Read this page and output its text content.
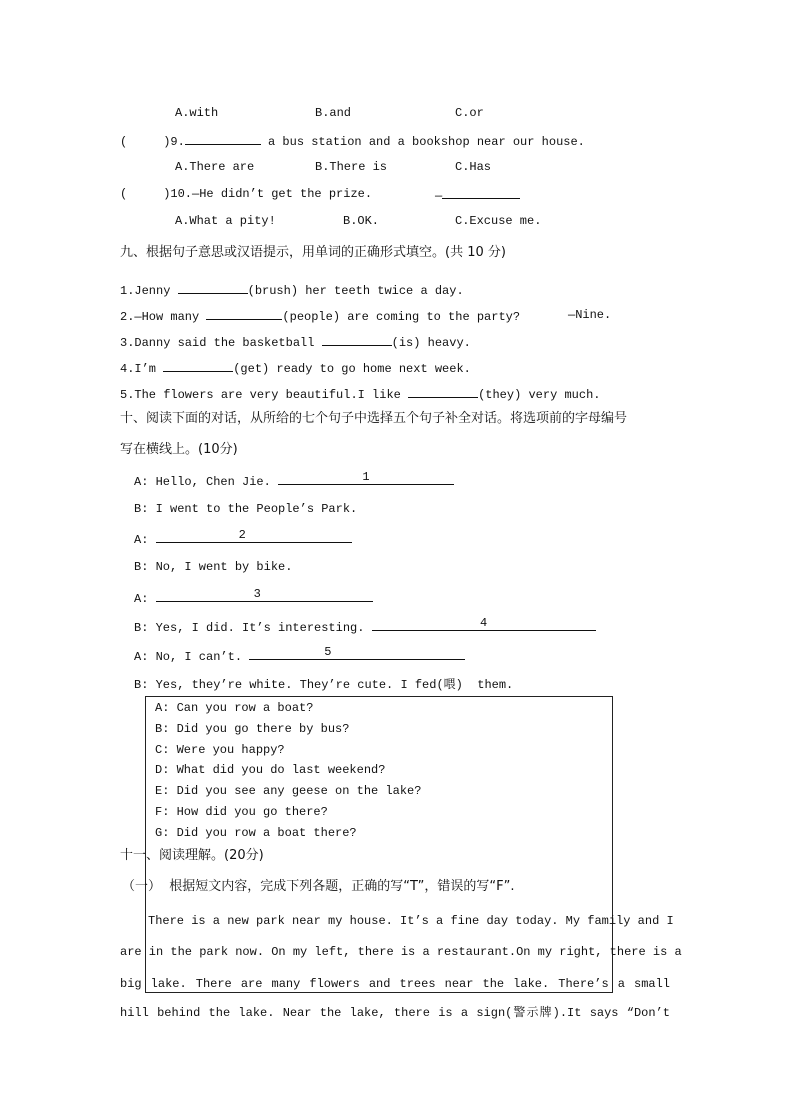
A.with	B.and	C.or
(     )9.	a bus station and a bookshop near our house.
A.There are	B.There is	C.Has
(     )10.—He didn’t get the prize.	—
A.What a pity!	B.OK.	C.Excuse me.
九、根据句子意思或汉语提示，用单词的正确形式填空。(共 10 分)
1.Jenny	(brush) her teeth twice a day.
2.—How many	(people) are coming to the party?	—Nine.
3.Danny said the basketball	(is) heavy.
4.I’m	(get) ready to go home next week.
5.The flowers are very beautiful.I like	(they) very much.
十、阅读下面的对话，从所给的七个句子中选择五个句子补全对话。将选项前的字母编号
写在横线上。(10分)
A: Hello, Chen Jie.	1
B: I went to the People’s Park.
A:	2
B: No, I went by bike.
A:	3
B: Yes, I did. It’s interesting.	4
A: No, I can’t.	5
B: Yes, they’re white. They’re cute. I fed(喂)  them.
A: Can you row a boat?
B: Did you go there by bus?
C: Were you happy?
D: What did you do last weekend?
E: Did you see any geese on the lake?
F: How did you go there?
G: Did you row a boat there?
十一、阅读理解。(20分)
（一）  根据短文内容，完成下列各题，正确的写“T”，错误的写“F”.
There is a new park near my house. It’s a fine day today. My family and I
are in the park now. On my left, there is a restaurant.On my right, there is a
big lake. There are many flowers and trees near the lake. There’s a small
hill behind the lake. Near the lake, there is a sign(警示牌).It says “Don’t
